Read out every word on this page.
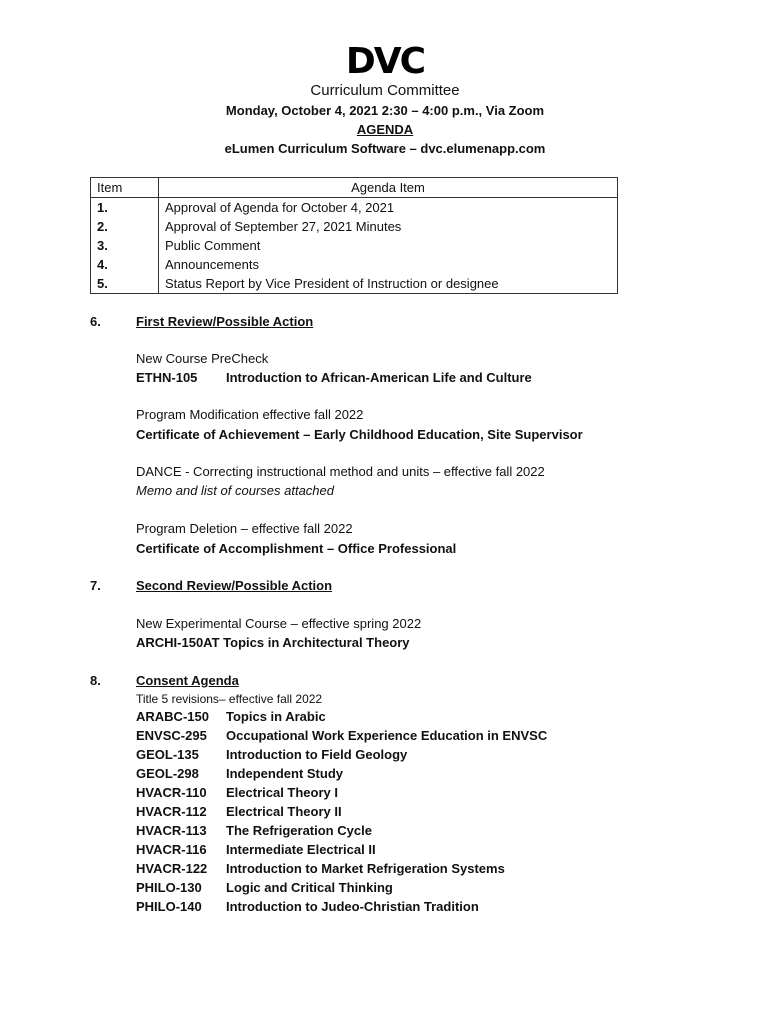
DVC
Curriculum Committee
Monday, October 4, 2021 2:30 – 4:00 p.m., Via Zoom
AGENDA
eLumen Curriculum Software – dvc.elumenapp.com
Item	Agenda Item
1.	Approval of Agenda for October 4, 2021
2.	Approval of September 27, 2021 Minutes
3.	Public Comment
4.	Announcements
5.	Status Report by Vice President of Instruction or designee
6.	First Review/Possible Action
New Course PreCheck
ETHN-105 Introduction to African-American Life and Culture
Program Modification effective fall 2022
Certificate of Achievement – Early Childhood Education, Site Supervisor
DANCE - Correcting instructional method and units – effective fall 2022
Memo and list of courses attached
Program Deletion – effective fall 2022
Certificate of Accomplishment – Office Professional
7.	Second Review/Possible Action
New Experimental Course – effective spring 2022
ARCHI-150AT Topics in Architectural Theory
8.	Consent Agenda
Title 5 revisions– effective fall 2022
ARABC-150 Topics in Arabic
ENVSC-295 Occupational Work Experience Education in ENVSC
GEOL-135 Introduction to Field Geology
GEOL-298 Independent Study
HVACR-110 Electrical Theory I
HVACR-112 Electrical Theory II
HVACR-113 The Refrigeration Cycle
HVACR-116 Intermediate Electrical II
HVACR-122 Introduction to Market Refrigeration Systems
PHILO-130 Logic and Critical Thinking
PHILO-140 Introduction to Judeo-Christian Tradition
